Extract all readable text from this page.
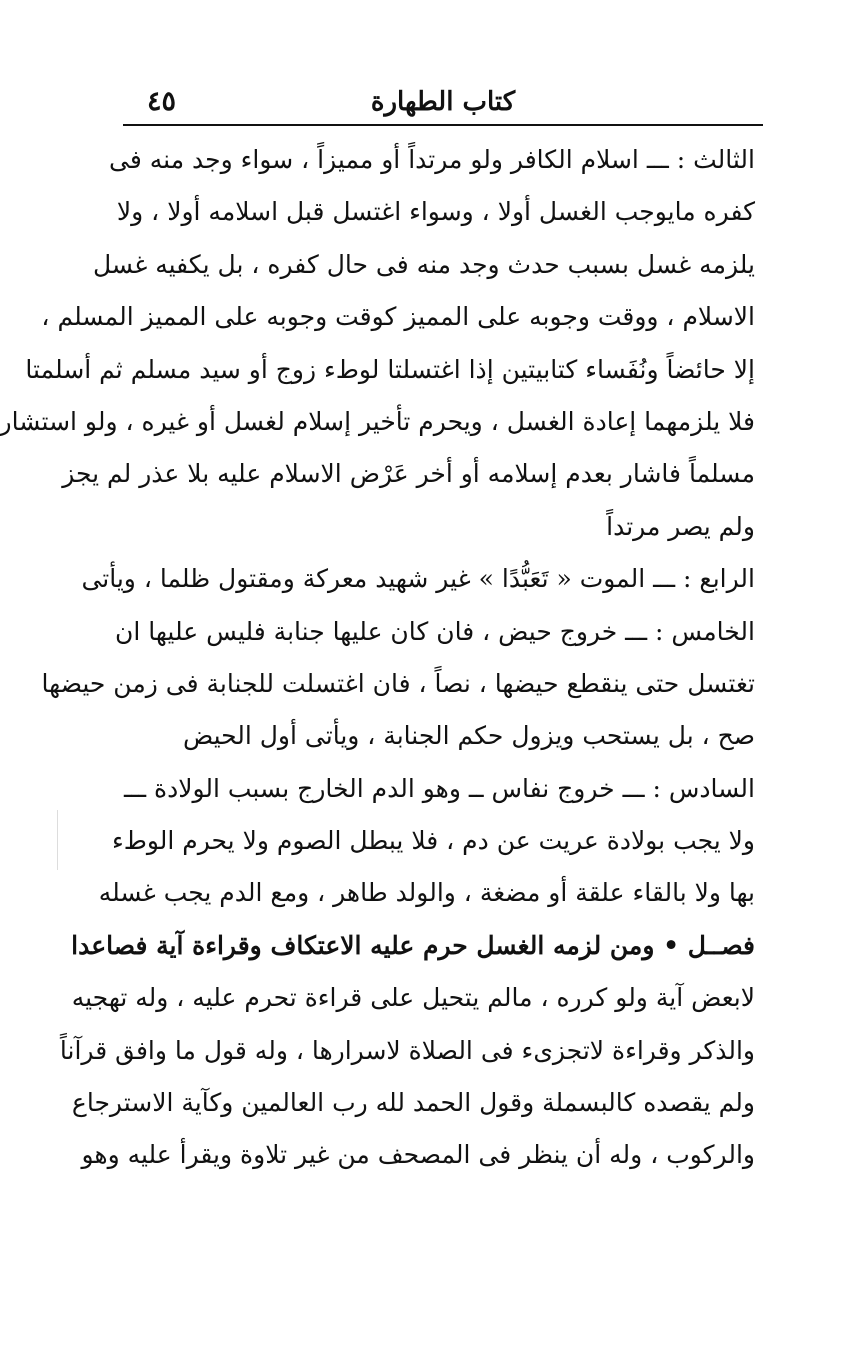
كتاب الطهارة
٤٥
الثالث : ـــ اسلام الكافر ولو مرتداً أو مميزاً ، سواء وجد منه فى
كفره مايوجب الغسل أولا ، وسواء اغتسل قبل اسلامه أولا ، ولا
يلزمه غسل بسبب حدث وجد منه فى حال كفره ، بل يكفيه غسل
الاسلام ، ووقت وجوبه على المميز كوقت وجوبه على المميز المسلم ،
إلا حائضاً ونُفَساء كتابيتين إذا اغتسلتا لوطء زوج أو سيد مسلم ثم أسلمتا
فلا يلزمهما إعادة الغسل ، ويحرم تأخير إسلام لغسل أو غيره ، ولو استشار
مسلماً فاشار بعدم إسلامه أو أخر عَرْض الاسلام عليه بلا عذر لم يجز
ولم يصر مرتداً
الرابع : ـــ الموت « تَعَبُّدًا » غير شهيد معركة ومقتول ظلما ، ويأتى
الخامس : ـــ خروج حيض ، فان كان عليها جنابة فليس عليها ان
تغتسل حتى ينقطع حيضها ، نصاً ، فان اغتسلت للجنابة فى زمن حيضها
صح ، بل يستحب ويزول حكم الجنابة ، ويأتى أول الحيض
السادس : ـــ خروج نفاس ــ وهو الدم الخارج بسبب الولادة ـــ
ولا يجب بولادة عريت عن دم ، فلا يبطل الصوم ولا يحرم الوطء
بها ولا بالقاء علقة أو مضغة ، والولد طاهر ، ومع الدم يجب غسله
فصــل • ومن لزمه الغسل حرم عليه الاعتكاف وقراءة آية فصاعدا
لابعض آية ولو كرره ، مالم يتحيل على قراءة تحرم عليه ، وله تهجيه
والذكر وقراءة لاتجزىء فى الصلاة لاسرارها ، وله قول ما وافق قرآناً
ولم يقصده كالبسملة وقول الحمد لله رب العالمين وكآية الاسترجاع
والركوب ، وله أن ينظر فى المصحف من غير تلاوة ويقرأ عليه وهو
